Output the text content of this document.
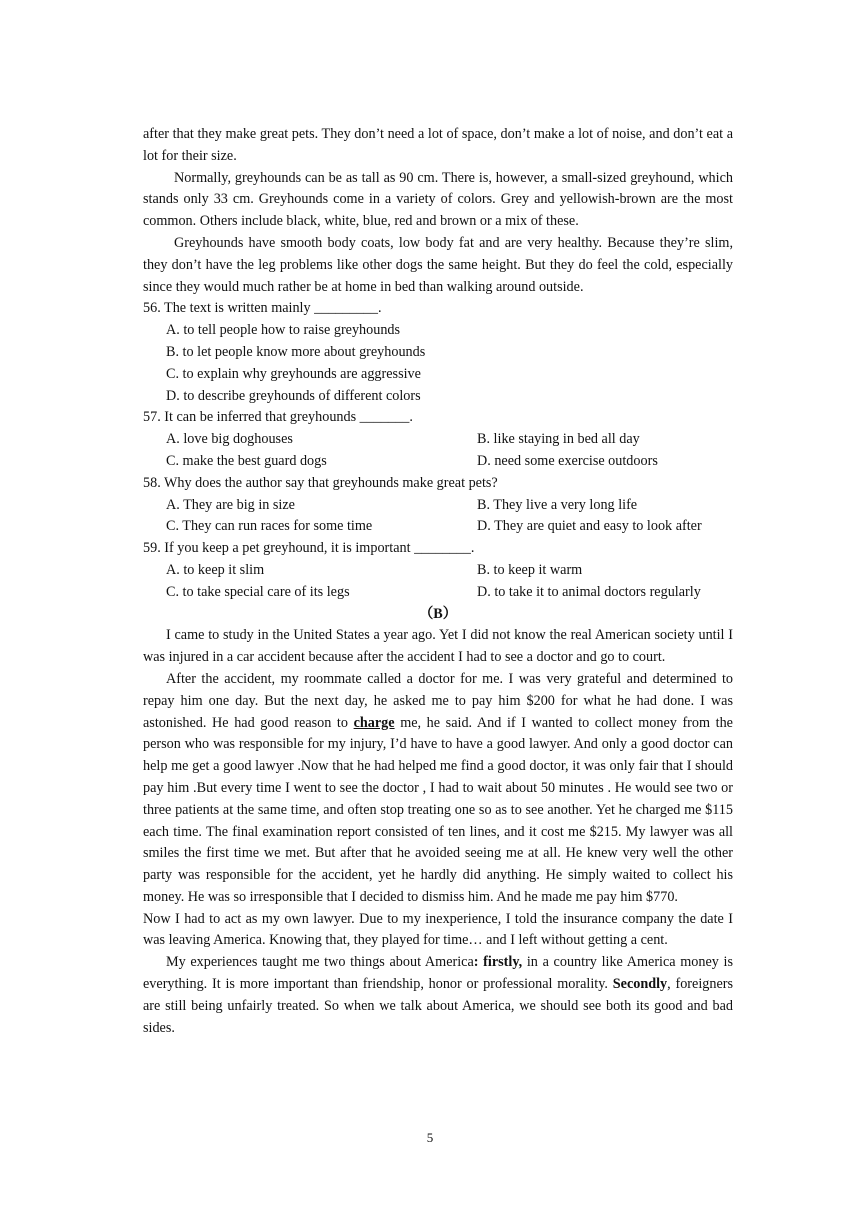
after that they make great pets. They don’t need a lot of space, don’t make a lot of noise, and don’t eat a lot for their size.

Normally, greyhounds can be as tall as 90 cm. There is, however, a small-sized greyhound, which stands only 33 cm. Greyhounds come in a variety of colors. Grey and yellowish-brown are the most common. Others include black, white, blue, red and brown or a mix of these.

Greyhounds have smooth body coats, low body fat and are very healthy. Because they’re slim, they don’t have the leg problems like other dogs the same height. But they do feel the cold, especially since they would much rather be at home in bed than walking around outside.

56. The text is written mainly _________.

A. to tell people how to raise greyhounds

B. to let people know more about greyhounds

C. to explain why greyhounds are aggressive

D. to describe greyhounds of different colors

57. It can be inferred that greyhounds _______.

A. love big doghouses	B. like staying in bed all day
C. make the best guard dogs	D. need some exercise outdoors

58. Why does the author say that greyhounds make great pets?

A. They are big in size	B. They live a very long life
C. They can run races for some time	D. They are quiet and easy to look after

59. If you keep a pet greyhound, it is important ________.

A. to keep it slim	B. to keep it warm
C. to take special care of its legs	D. to take it to animal doctors regularly

（B）

I came to study in the United States a year ago. Yet I did not know the real American society until I was injured in a car accident because after the accident I had to see a doctor and go to court.

After the accident, my roommate called a doctor for me. I was very grateful and determined to repay him one day. But the next day, he asked me to pay him $200 for what he had done. I was astonished. He had good reason to charge me, he said. And if I wanted to collect money from the person who was responsible for my injury, I’d have to have a good lawyer. And only a good doctor can help me get a good lawyer .Now that he had helped me find a good doctor, it was only fair that I should pay him .But every time I went to see the doctor , I had to wait about 50 minutes . He would see two or three patients at the same time, and often stop treating one so as to see another. Yet he charged me $115 each time. The final examination report consisted of ten lines, and it cost me $215. My lawyer was all smiles the first time we met. But after that he avoided seeing me at all. He knew very well the other party was responsible for the accident, yet he hardly did anything. He simply waited to collect his money. He was so irresponsible that I decided to dismiss him. And he made me pay him $770.

Now I had to act as my own lawyer. Due to my inexperience, I told the insurance company the date I was leaving America. Knowing that, they played for time… and I left without getting a cent.

My experiences taught me two things about America: firstly, in a country like America money is everything. It is more important than friendship, honor or professional morality. Secondly, foreigners are still being unfairly treated. So when we talk about America, we should see both its good and bad sides.

5
